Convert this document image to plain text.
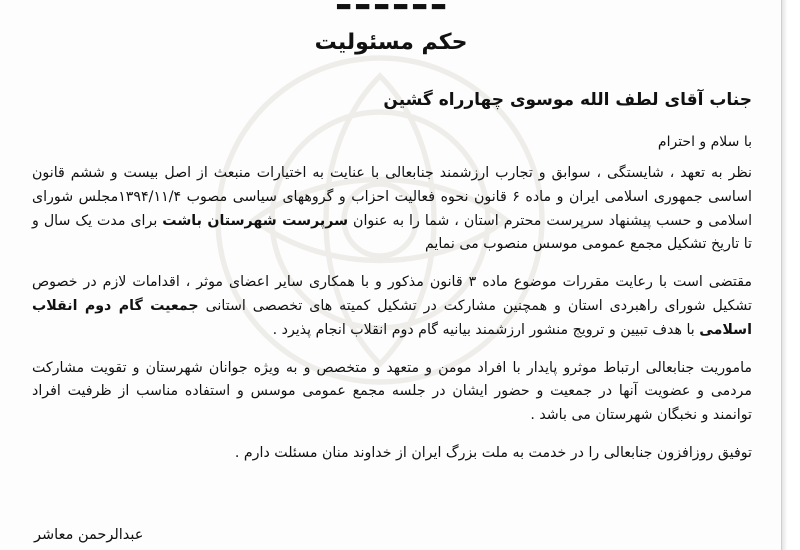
▂ ▂ ▂ ▂ ▂ ▂
حکم مسئولیت
جناب آقای لطف الله موسوی چهارراه گشین
با سلام و احترام

نظر به تعهد ، شایستگی ، سوابق و تجارب ارزشمند جنابعالی با عنایت به اختیارات منبعث از اصل بیست و ششم قانون اساسی جمهوری اسلامی ایران و ماده ۶ قانون نحوه فعالیت احزاب و گروههای سیاسی مصوب ۱۳۹۴/۱۱/۴مجلس شورای اسلامی و حسب پیشنهاد سرپرست محترم استان ، شما را به عنوان سرپرست شهرستان باشت برای مدت یک سال و تا تاریخ تشکیل مجمع عمومی موسس منصوب می نمایم

مقتضی است با رعایت مقررات موضوع ماده ۳ قانون مذکور و با همکاری سایر اعضای موثر ، اقدامات لازم در خصوص تشکیل شورای راهبردی استان و همچنین مشارکت در تشکیل کمیته های تخصصی استانی جمعیت گام دوم انقلاب اسلامی با هدف تبیین و ترویج منشور ارزشمند بیانیه گام دوم انقلاب انجام پذیرد .

ماموریت جنابعالی ارتباط موثرو پایدار با افراد مومن و متعهد و متخصص و به ویژه جوانان شهرستان و تقویت مشارکت مردمی و عضویت آنها در جمعیت و حضور ایشان در جلسه مجمع عمومی موسس و استفاده مناسب از ظرفیت افراد توانمند و نخبگان شهرستان می باشد .

توفیق روزافزون جنابعالی را در خدمت به ملت بزرگ ایران از خداوند منان مسئلت دارم .

عبدالرحمن معاشر
